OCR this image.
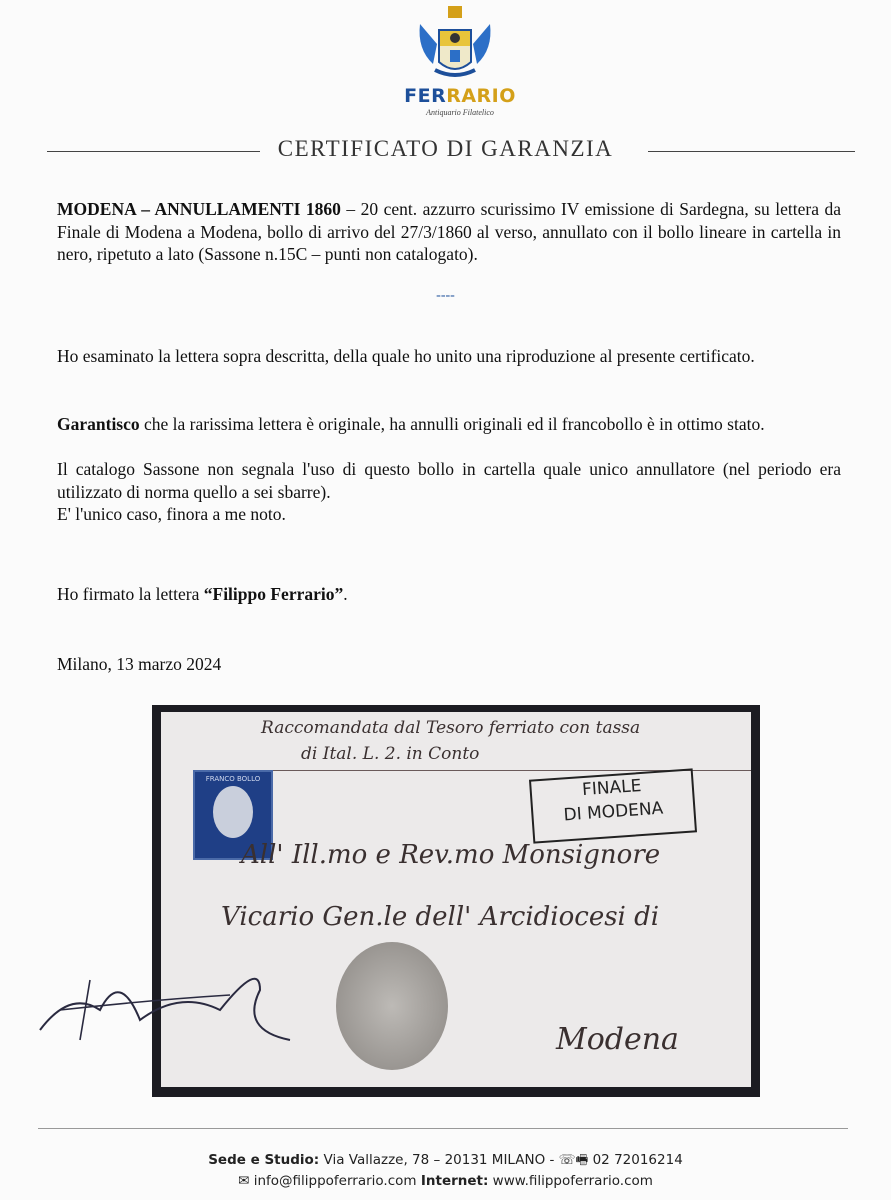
FERRARIO
Antiquario Filatelico
CERTIFICATO DI GARANZIA
MODENA – ANNULLAMENTI 1860 – 20 cent. azzurro scurissimo IV emissione di Sardegna, su lettera da Finale di Modena a Modena, bollo di arrivo del 27/3/1860 al verso, annullato con il bollo lineare in cartella in nero, ripetuto a lato (Sassone n.15C – punti non catalogato).
----
Ho esaminato la lettera sopra descritta, della quale ho unito una riproduzione al presente certificato.
Garantisco che la rarissima lettera è originale, ha annulli originali ed il francobollo è in ottimo stato.
Il catalogo Sassone non segnala l'uso di questo bollo in cartella quale unico annullatore (nel periodo era utilizzato di norma quello a sei sbarre).
E' l'unico caso, finora a me noto.
Ho firmato la lettera “Filippo Ferrario”.
Milano, 13 marzo 2024
Raccomandata dal Tesoro ferriato con tassa
di Ital. L. 2. in Conto
FRANCO BOLLO	FINALE
DI MODENA
All' Ill.mo e Rev.mo Monsignore
Vicario Gen.le dell' Arcidiocesi di
Modena
Sede e Studio: Via Vallazze, 78 – 20131 MILANO - ☏🖷 02 72016214
✉ info@filippoferrario.com Internet: www.filippoferrario.com
